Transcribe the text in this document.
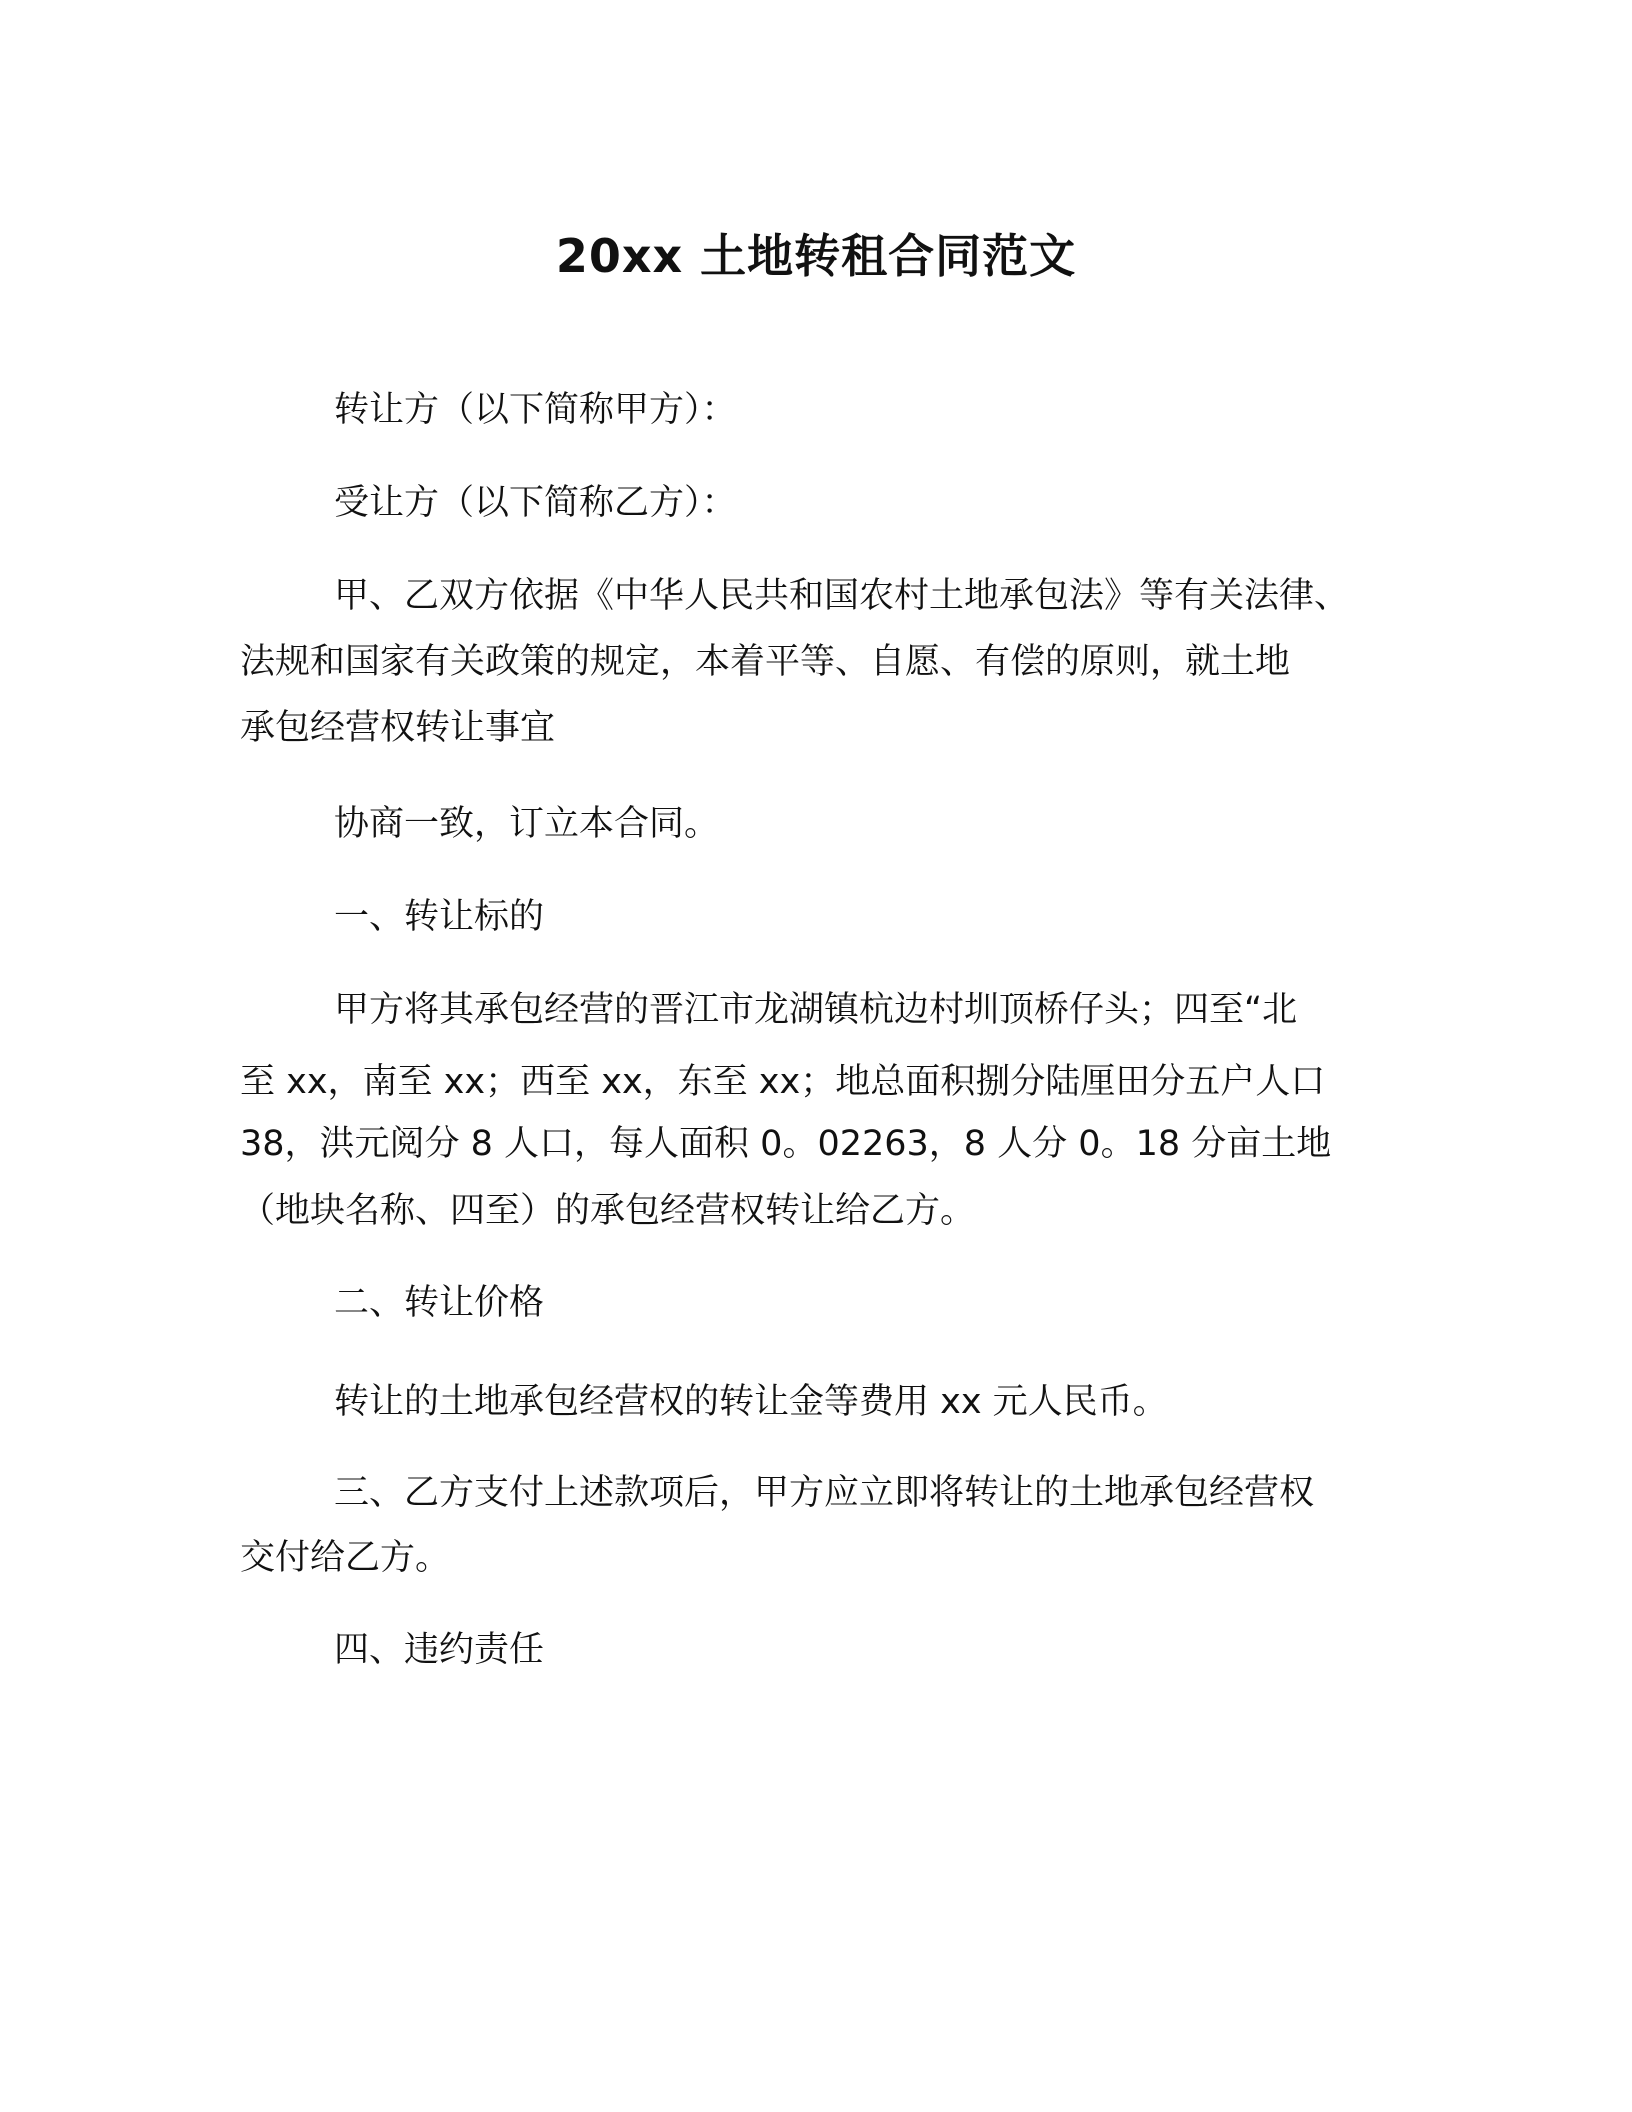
20xx 土地转租合同范文
转让方（以下简称甲方）：
受让方（以下简称乙方）：
甲、乙双方依据《中华人民共和国农村土地承包法》等有关法律、
法规和国家有关政策的规定，本着平等、自愿、有偿的原则，就土地
承包经营权转让事宜
协商一致，订立本合同。
一、转让标的
甲方将其承包经营的晋江市龙湖镇杭边村圳顶桥仔头；四至“北
至 xx，南至 xx；西至 xx，东至 xx；地总面积捌分陆厘田分五户人口
38，洪元阅分 8 人口，每人面积 0。02263，8 人分 0。18 分亩土地
（地块名称、四至）的承包经营权转让给乙方。
二、转让价格
转让的土地承包经营权的转让金等费用 xx 元人民币。
三、乙方支付上述款项后，甲方应立即将转让的土地承包经营权
交付给乙方。
四、违约责任
